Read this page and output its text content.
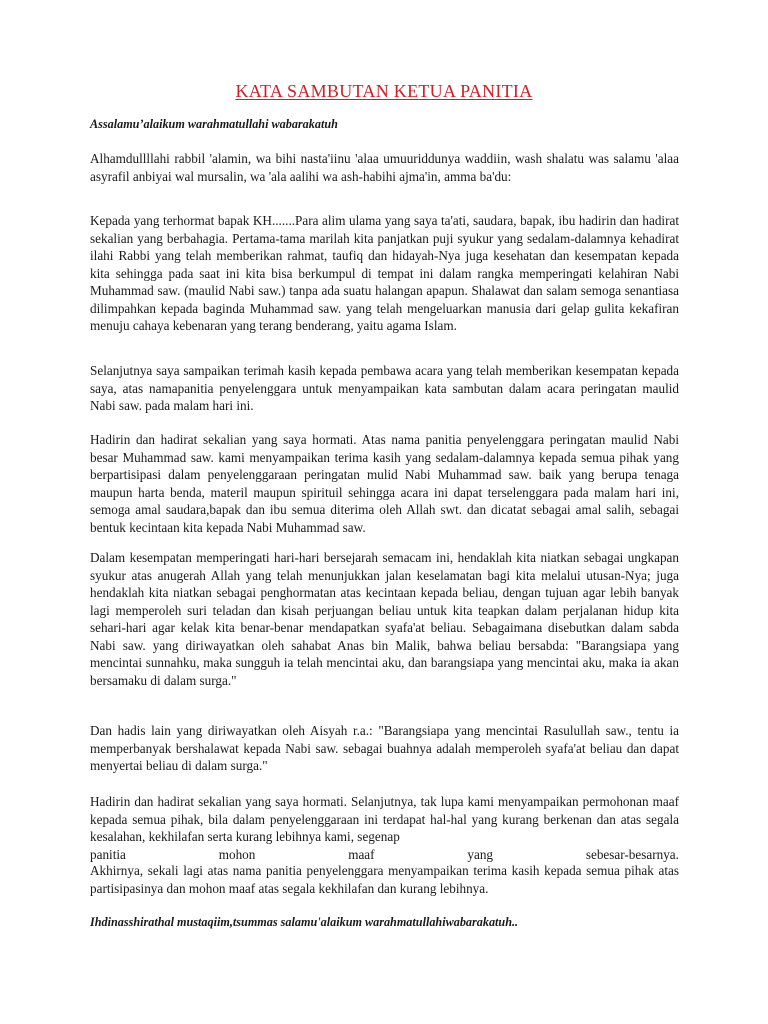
KATA SAMBUTAN KETUA PANITIA

Assalamu’alaikum warahmatullahi wabarakatuh

Alhamdullllahi rabbil 'alamin, wa bihi nasta'iinu 'alaa umuuriddunya waddiin, wash shalatu was salamu 'alaa asyrafil anbiyai wal mursalin, wa 'ala aalihi wa ash-habihi ajma'in, amma ba'du:

Kepada yang terhormat bapak KH.......Para alim ulama yang saya ta'ati, saudara, bapak, ibu hadirin dan hadirat sekalian yang berbahagia. Pertama-tama marilah kita panjatkan puji syukur yang sedalam-dalamnya kehadirat ilahi Rabbi yang telah memberikan rahmat, taufiq dan hidayah-Nya juga kesehatan dan kesempatan kepada kita sehingga pada saat ini kita bisa berkumpul di tempat ini dalam rangka memperingati kelahiran Nabi Muhammad saw. (maulid Nabi saw.) tanpa ada suatu halangan apapun. Shalawat dan salam semoga senantiasa dilimpahkan kepada baginda Muhammad saw. yang telah mengeluarkan manusia dari gelap gulita kekafiran menuju cahaya kebenaran yang terang benderang, yaitu agama Islam.

Selanjutnya saya sampaikan terimah kasih kepada pembawa acara yang telah memberikan kesempatan kepada saya, atas namapanitia penyelenggara untuk menyampaikan kata sambutan dalam acara peringatan maulid Nabi saw. pada malam hari ini.

Hadirin dan hadirat sekalian yang saya hormati. Atas nama panitia penyelenggara peringatan maulid Nabi besar Muhammad saw. kami menyampaikan terima kasih yang sedalam-dalamnya kepada semua pihak yang berpartisipasi dalam penyelenggaraan peringatan mulid Nabi Muhammad saw. baik yang berupa tenaga maupun harta benda, materil maupun spirituil sehingga acara ini dapat terselenggara pada malam hari ini, semoga amal saudara,bapak dan ibu semua diterima oleh Allah swt. dan dicatat sebagai amal salih, sebagai bentuk kecintaan kita kepada Nabi Muhammad saw.

Dalam kesempatan memperingati hari-hari bersejarah semacam ini, hendaklah kita niatkan sebagai ungkapan syukur atas anugerah Allah yang telah menunjukkan jalan keselamatan bagi kita melalui utusan-Nya; juga hendaklah kita niatkan sebagai penghormatan atas kecintaan kepada beliau, dengan tujuan agar lebih banyak lagi memperoleh suri teladan dan kisah perjuangan beliau untuk kita teapkan dalam perjalanan hidup kita sehari-hari agar kelak kita benar-benar mendapatkan syafa'at beliau. Sebagaimana disebutkan dalam sabda Nabi saw. yang diriwayatkan oleh sahabat Anas bin Malik, bahwa beliau bersabda: "Barangsiapa yang mencintai sunnahku, maka sungguh ia telah mencintai aku, dan barangsiapa yang mencintai aku, maka ia akan bersamaku di dalam surga."

Dan hadis lain yang diriwayatkan oleh Aisyah r.a.: "Barangsiapa yang mencintai Rasulullah saw., tentu ia memperbanyak bershalawat kepada Nabi saw. sebagai buahnya adalah memperoleh syafa'at beliau dan dapat menyertai beliau di dalam surga."

Hadirin dan hadirat sekalian yang saya hormati. Selanjutnya, tak lupa kami menyampaikan permohonan maaf kepada semua pihak, bila dalam penyelenggaraan ini terdapat hal-hal yang kurang berkenan dan atas segala kesalahan, kekhilafan serta kurang lebihnya kami, segenap

panitia	mohon	maaf	yang	sebesar-besarnya.

Akhirnya, sekali lagi atas nama panitia penyelenggara menyampaikan terima kasih kepada semua pihak atas partisipasinya dan mohon maaf atas segala kekhilafan dan kurang lebihnya.

Ihdinasshirathal mustaqiim,tsummas salamu'alaikum warahmatullahiwabarakatuh..
